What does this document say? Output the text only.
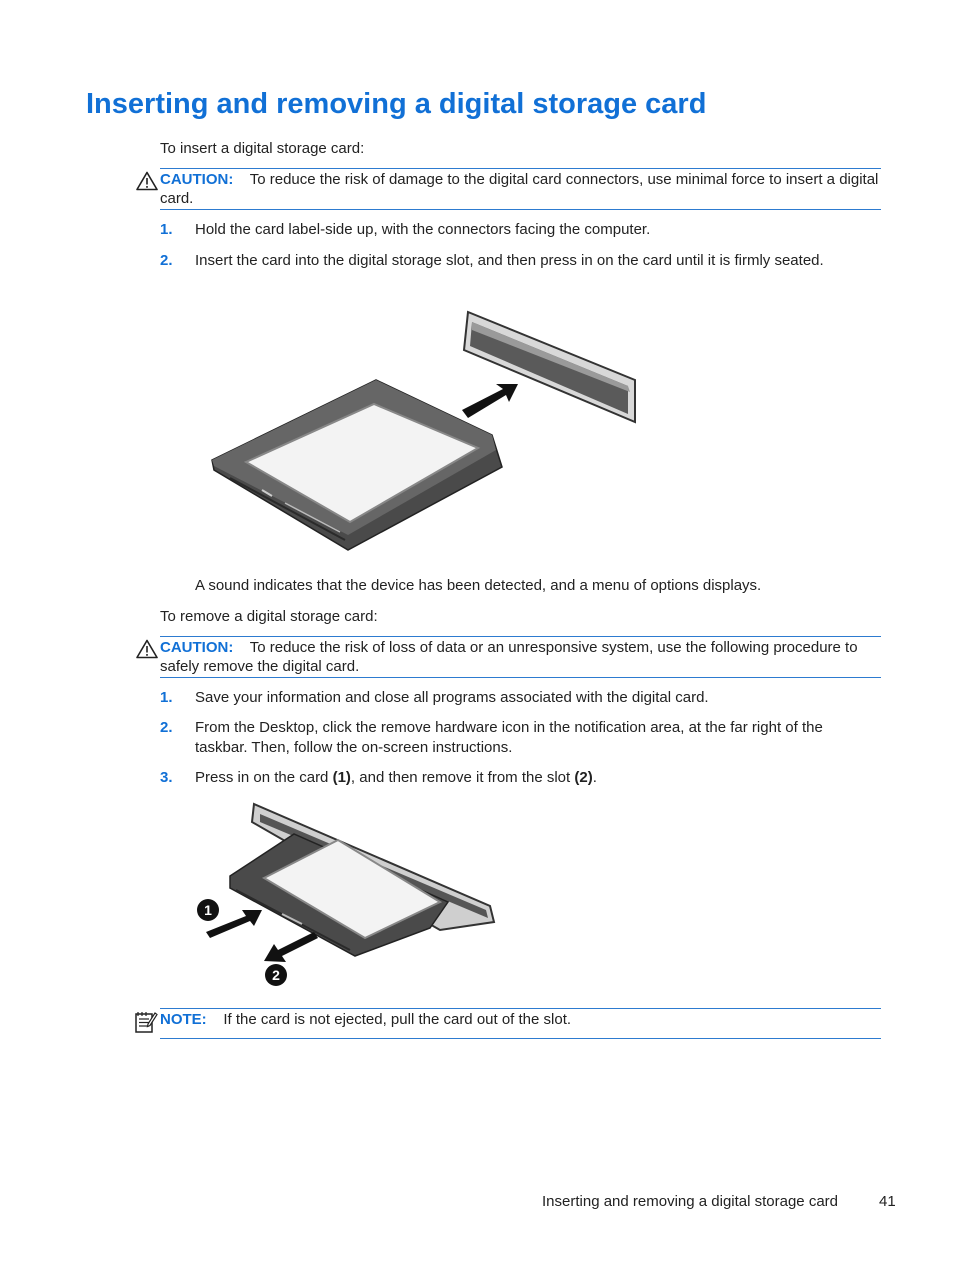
Inserting and removing a digital storage card
To insert a digital storage card:
CAUTION: To reduce the risk of damage to the digital card connectors, use minimal force to insert a digital card.
1. Hold the card label-side up, with the connectors facing the computer.
2. Insert the card into the digital storage slot, and then press in on the card until it is firmly seated.
A sound indicates that the device has been detected, and a menu of options displays.
To remove a digital storage card:
CAUTION: To reduce the risk of loss of data or an unresponsive system, use the following procedure to safely remove the digital card.
1. Save your information and close all programs associated with the digital card.
2. From the Desktop, click the remove hardware icon in the notification area, at the far right of the
taskbar. Then, follow the on-screen instructions.
3. Press in on the card (1), and then remove it from the slot (2).
1
2
NOTE: If the card is not ejected, pull the card out of the slot.
Inserting and removing a digital storage card	41
